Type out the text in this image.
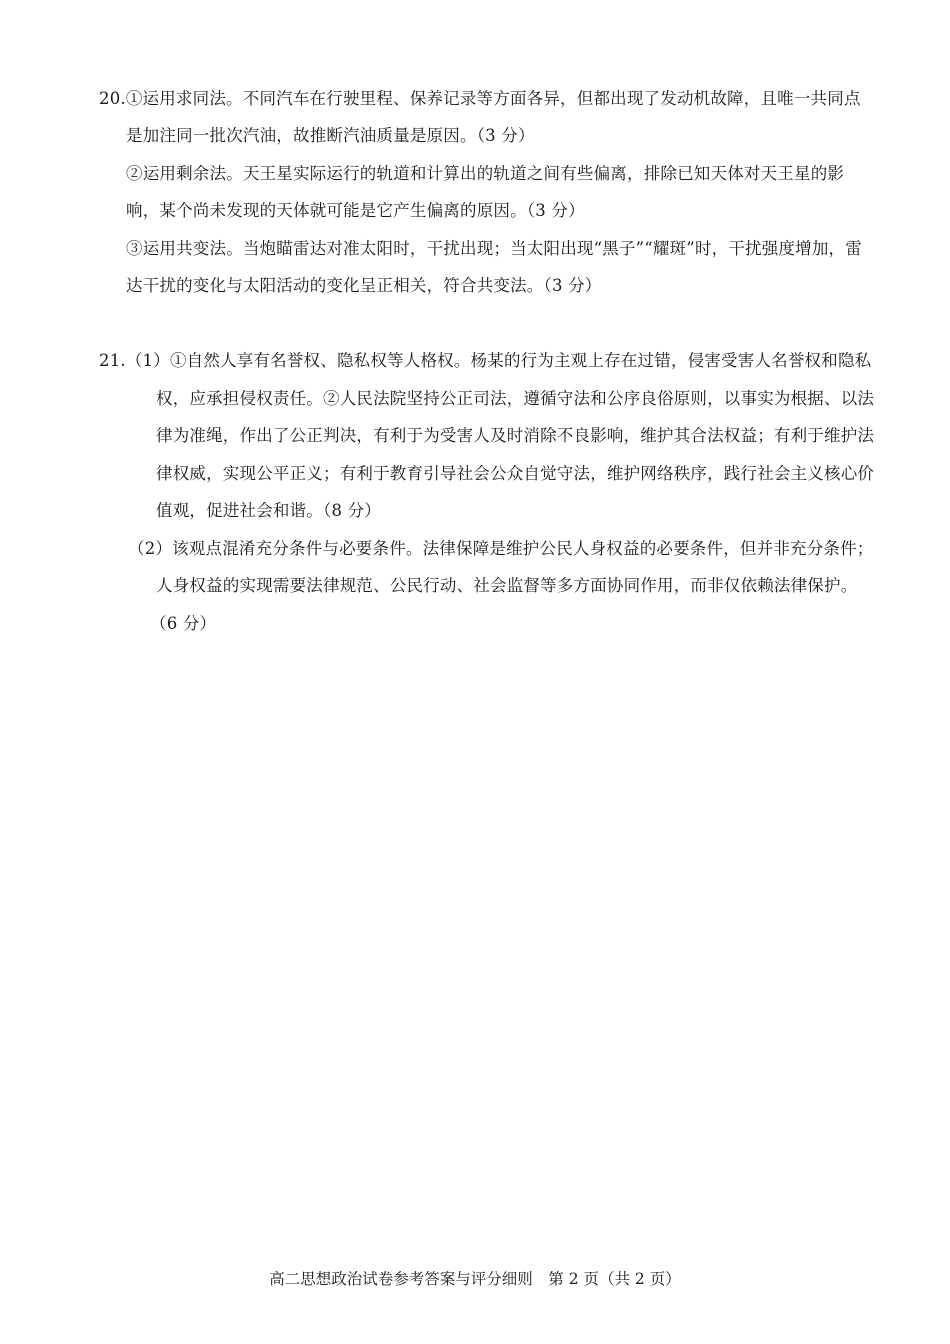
20.①运用求同法。不同汽车在行驶里程、保养记录等方面各异，但都出现了发动机故障，且唯一共同点
是加注同一批次汽油，故推断汽油质量是原因。（3 分）
②运用剩余法。天王星实际运行的轨道和计算出的轨道之间有些偏离，排除已知天体对天王星的影
响，某个尚未发现的天体就可能是它产生偏离的原因。（3 分）
③运用共变法。当炮瞄雷达对准太阳时，干扰出现；当太阳出现“黑子”“耀斑”时，干扰强度增加，雷
达干扰的变化与太阳活动的变化呈正相关，符合共变法。（3 分）
21.（1）①自然人享有名誉权、隐私权等人格权。杨某的行为主观上存在过错，侵害受害人名誉权和隐私
权，应承担侵权责任。②人民法院坚持公正司法，遵循守法和公序良俗原则，以事实为根据、以法
律为准绳，作出了公正判决，有利于为受害人及时消除不良影响，维护其合法权益；有利于维护法
律权威，实现公平正义；有利于教育引导社会公众自觉守法，维护网络秩序，践行社会主义核心价
值观，促进社会和谐。（8 分）
（2）该观点混淆充分条件与必要条件。法律保障是维护公民人身权益的必要条件，但并非充分条件；
人身权益的实现需要法律规范、公民行动、社会监督等多方面协同作用，而非仅依赖法律保护。
（6 分）
高二思想政治试卷参考答案与评分细则　第 2 页（共 2 页）
